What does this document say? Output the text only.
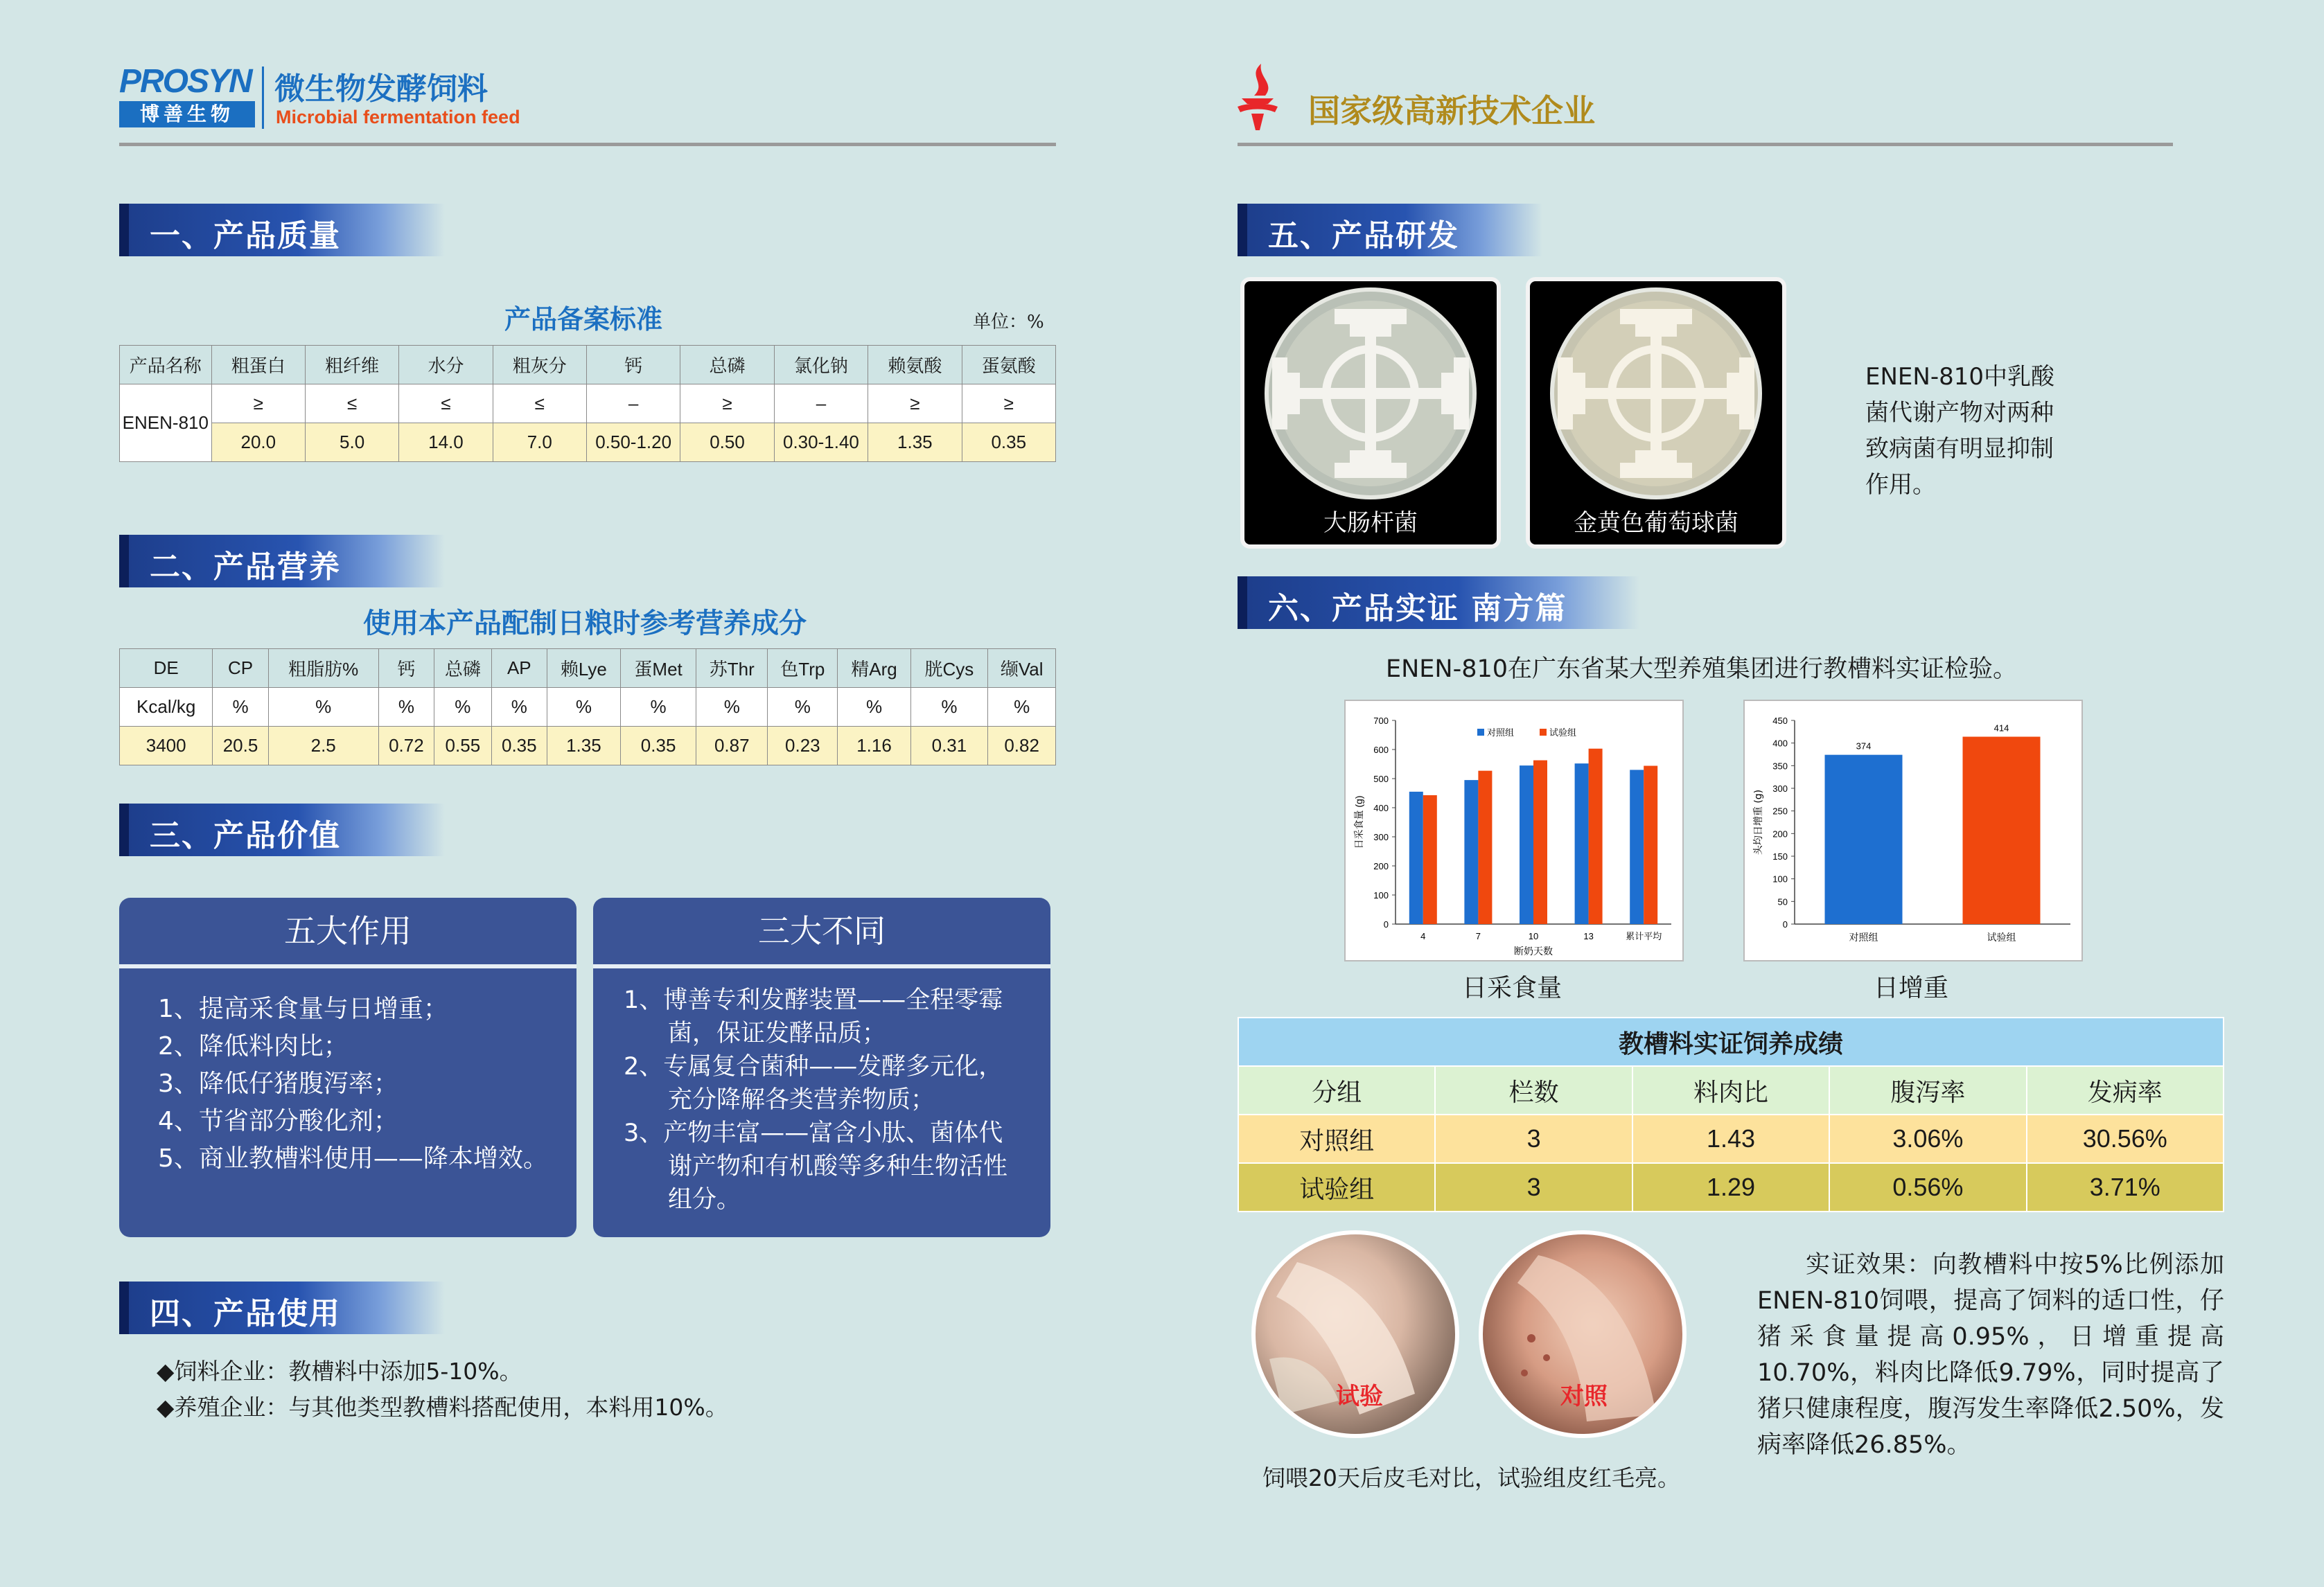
PROSYN
博善生物
微生物发酵饲料
Microbial fermentation feed	国家级高新技术企业
一、产品质量
产品备案标准	单位：%
产品名称	粗蛋白	粗纤维	水分	粗灰分	钙	总磷	氯化钠	赖氨酸	蛋氨酸
ENEN-810	≥	≤	≤	≤	–	≥	–	≥	≥
	20.0	5.0	14.0	7.0	0.50-1.20	0.50	0.30-1.40	1.35	0.35
二、产品营养
使用本产品配制日粮时参考营养成分
DE	CP	粗脂肪%	钙	总磷	AP	赖Lye	蛋Met	苏Thr	色Trp	精Arg	胱Cys	缬Val
Kcal/kg	%	%	%	%	%	%	%	%	%	%	%	%
3400	20.5	2.5	0.72	0.55	0.35	1.35	0.35	0.87	0.23	1.16	0.31	0.82
三、产品价值
五大作用
1、提高采食量与日增重；
2、降低料肉比；
3、降低仔猪腹泻率；
4、节省部分酸化剂；
5、商业教槽料使用——降本增效。
三大不同
1、博善专利发酵装置——全程零霉菌，保证发酵品质；
2、专属复合菌种——发酵多元化，充分降解各类营养物质；
3、产物丰富——富含小肽、菌体代谢产物和有机酸等多种生物活性组分。
四、产品使用
◆饲料企业：教槽料中添加5-10%。
◆养殖企业：与其他类型教槽料搭配使用，本料用10%。
五、产品研发
大肠杆菌	金黄色葡萄球菌
ENEN-810中乳酸菌代谢产物对两种致病菌有明显抑制作用。
六、产品实证 南方篇
ENEN-810在广东省某大型养殖集团进行教槽料实证检验。
0
100
200
300
400
500
600
700
4	7	10	13	累计平均
断奶天数
日采食量 (g)
对照组	试验组
日采食量
0
50
100
150
200
250
300
350
400
450
374
对照组
414
试验组
头均日增重 (g)
日增重
教槽料实证饲养成绩				
分组	栏数	料肉比	腹泻率	发病率
对照组	3	1.43	3.06%	30.56%
试验组	3	1.29	0.56%	3.71%
试验	对照
饲喂20天后皮毛对比，试验组皮红毛亮。
实证效果：向教槽料中按5%比例添加ENEN-810饲喂，提高了饲料的适口性，仔猪采食量提高0.95%，日增重提高10.70%，料肉比降低9.79%，同时提高了猪只健康程度，腹泻发生率降低2.50%，发病率降低26.85%。
